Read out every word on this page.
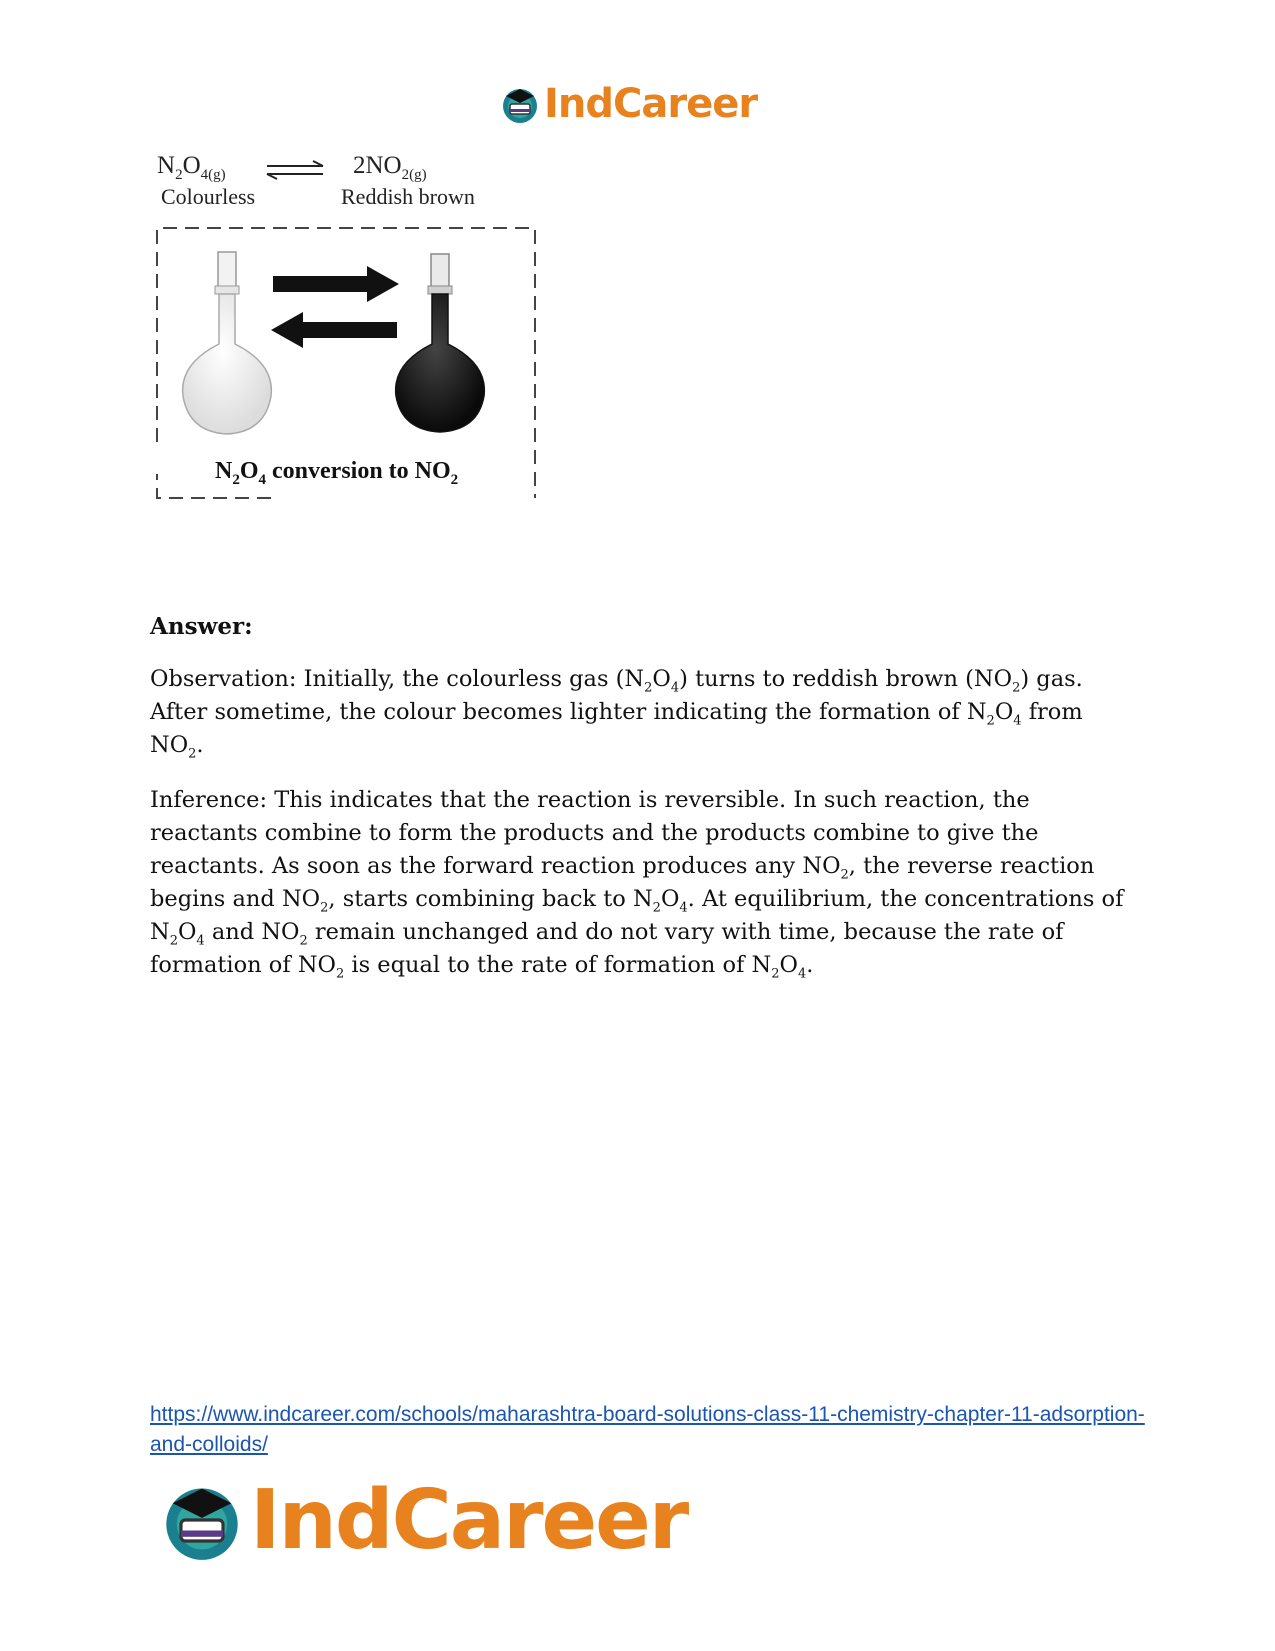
IndCareer
$N_2O_{4(g)}$	$2NO_{2(g)}$
Colourless	Reddish brown
$N_2O_4$ conversion to $NO_2$

Answer:

Observation: Initially, the colourless gas $(N_2O_4)$ turns to reddish brown $(NO_2)$ gas. After sometime, the colour becomes lighter indicating the formation of $N_2O_4$ from $NO_2$.

Inference: This indicates that the reaction is reversible. In such reaction, the reactants combine to form the products and the products combine to give the reactants. As soon as the forward reaction produces any $NO_2$, the reverse reaction begins and $NO_2$, starts combining back to $N_2O_4$. At equilibrium, the concentrations of $N_2O_4$ and $NO_2$ remain unchanged and do not vary with time, because the rate of formation of $NO_2$ is equal to the rate of formation of $N_2O_4$.

https://www.indcareer.com/schools/maharashtra-board-solutions-class-11-chemistry-chapter-11-adsorption-and-colloids/
IndCareer
